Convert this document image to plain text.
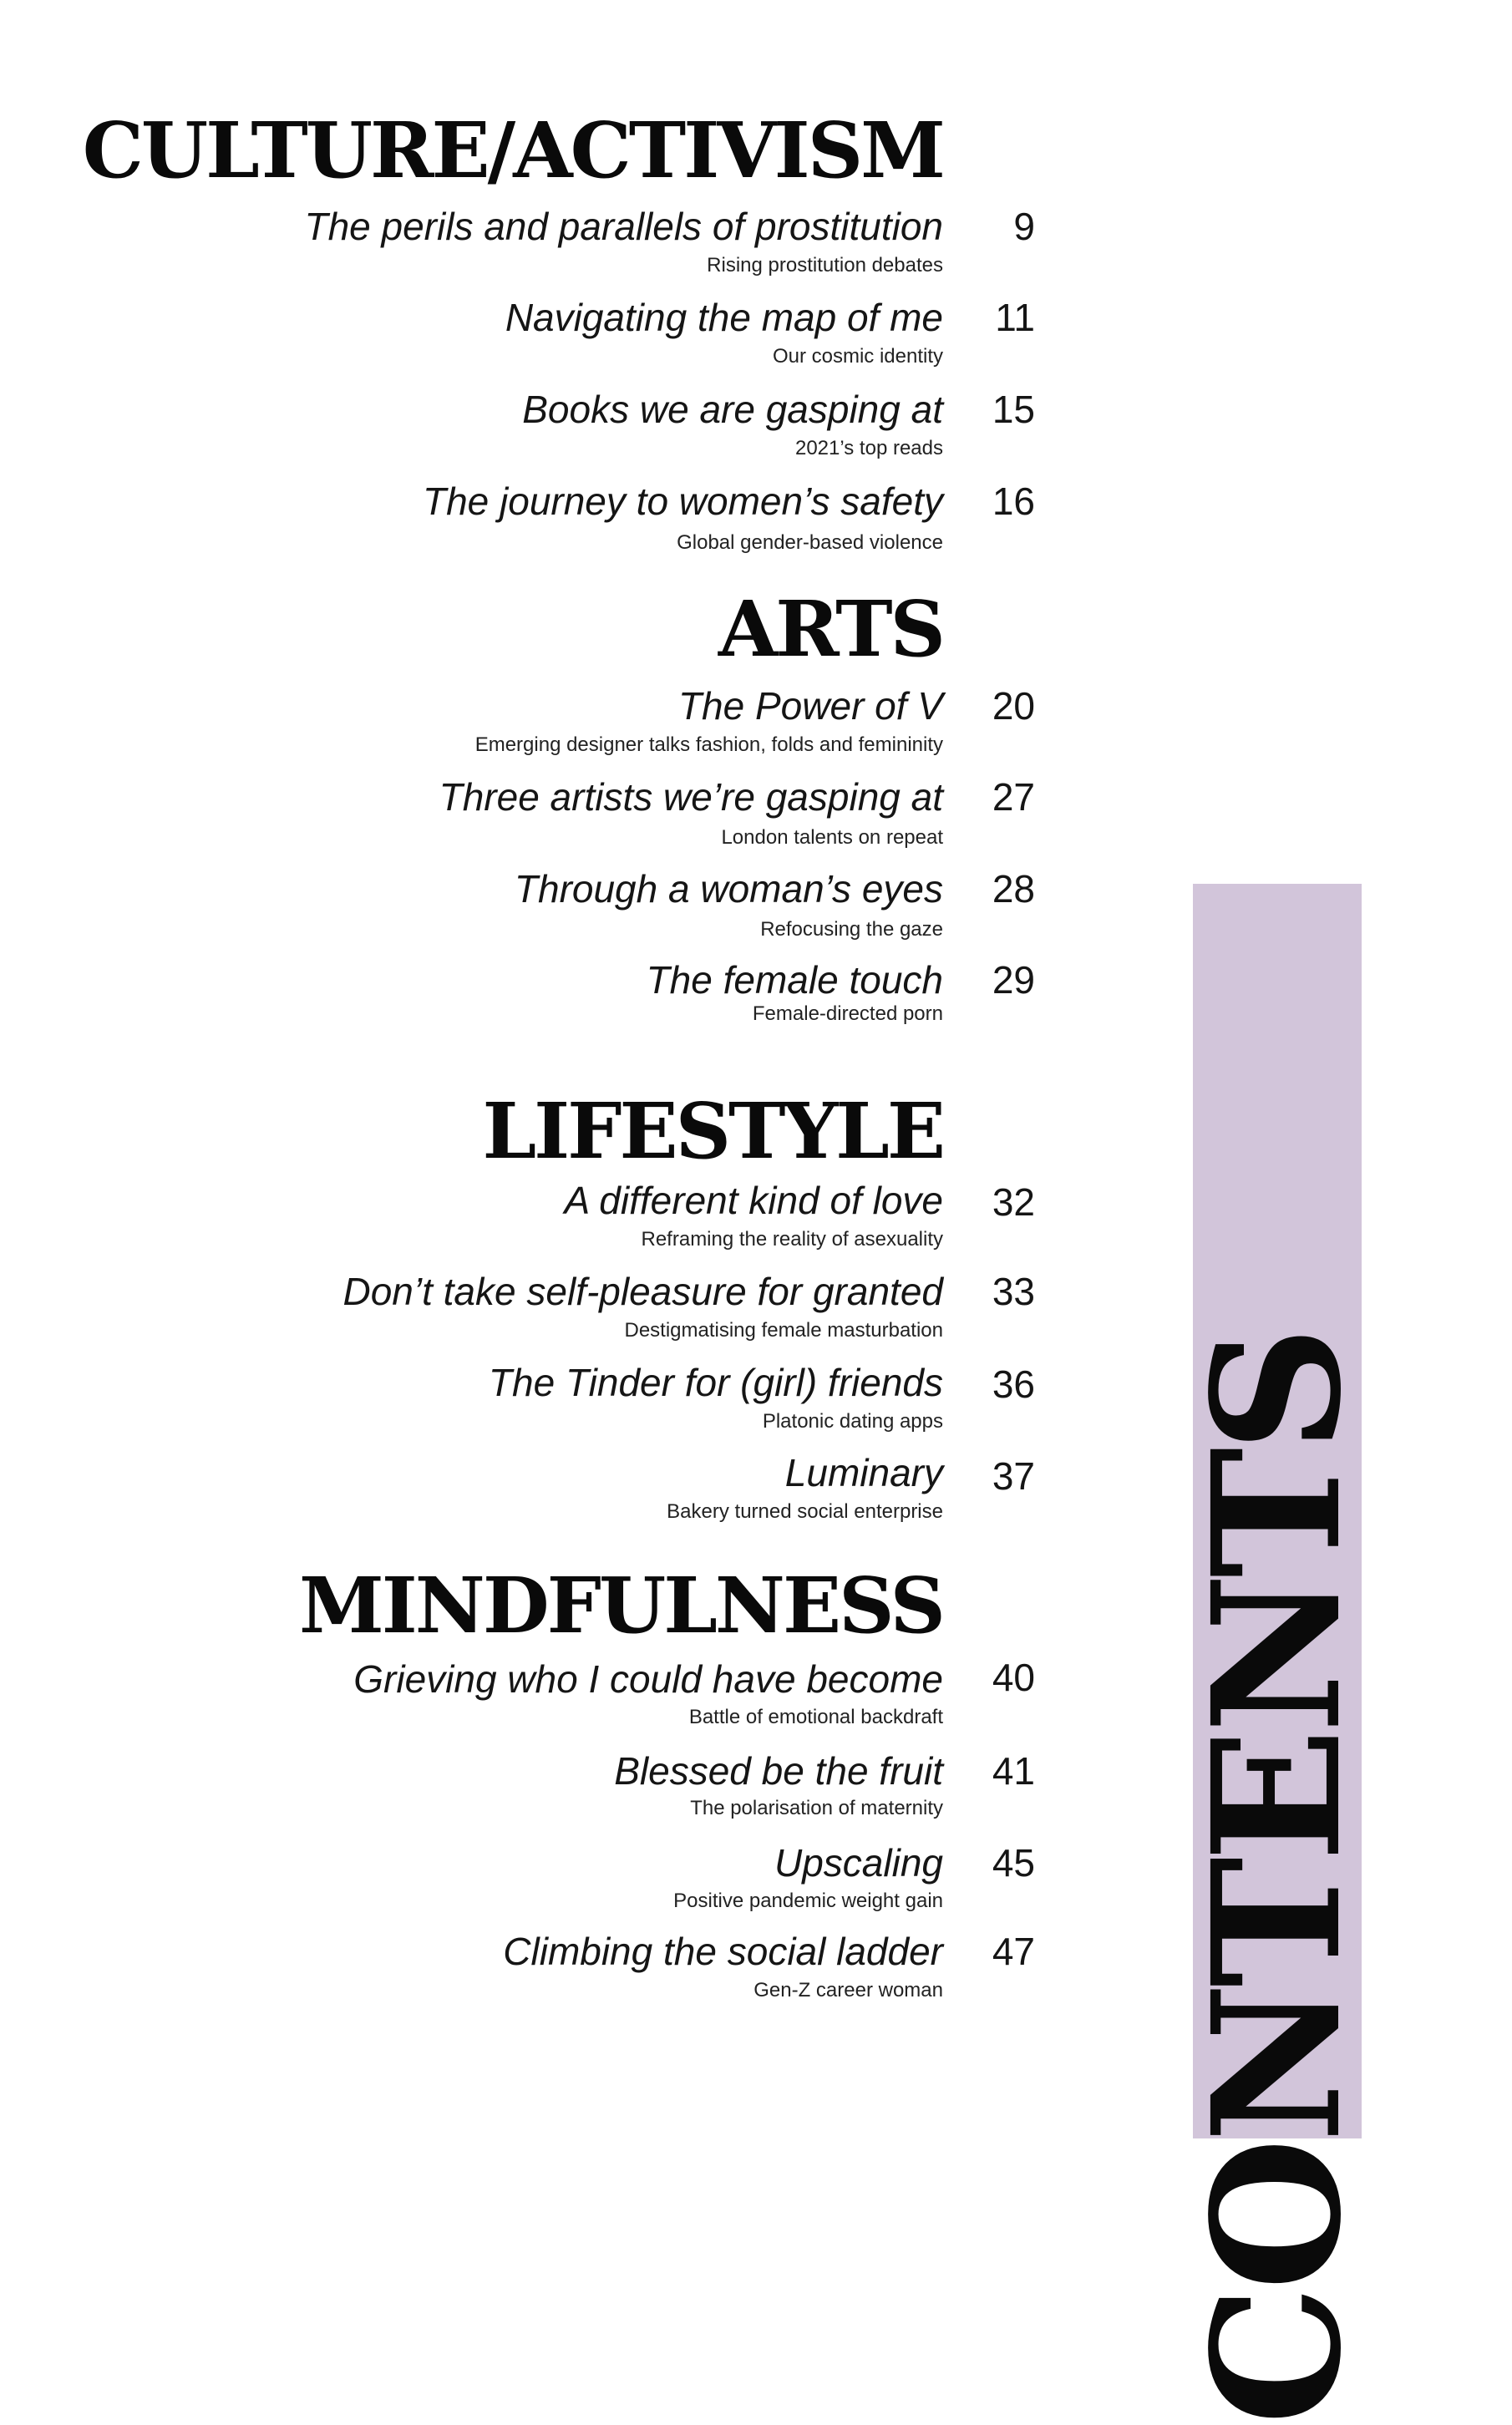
CULTURE/ACTIVISM
The perils and parallels of prostitution 9
Rising prostitution debates
Navigating the map of me 11
Our cosmic identity
Books we are gasping at 15
2021’s top reads
The journey to women’s safety 16
Global gender-based violence
ARTS
The Power of V 20
Emerging designer talks fashion, folds and femininity
Three artists we’re gasping at 27
London talents on repeat
Through a woman’s eyes 28
Refocusing the gaze
The female touch 29
Female-directed porn
LIFESTYLE
A different kind of love 32
Reframing the reality of asexuality
Don’t take self-pleasure for granted 33
Destigmatising female masturbation
The Tinder for (girl) friends 36
Platonic dating apps
Luminary 37
Bakery turned social enterprise
MINDFULNESS
Grieving who I could have become 40
Battle of emotional backdraft
Blessed be the fruit 41
The polarisation of maternity
Upscaling 45
Positive pandemic weight gain
Climbing the social ladder 47
Gen-Z career woman CONTENTS
